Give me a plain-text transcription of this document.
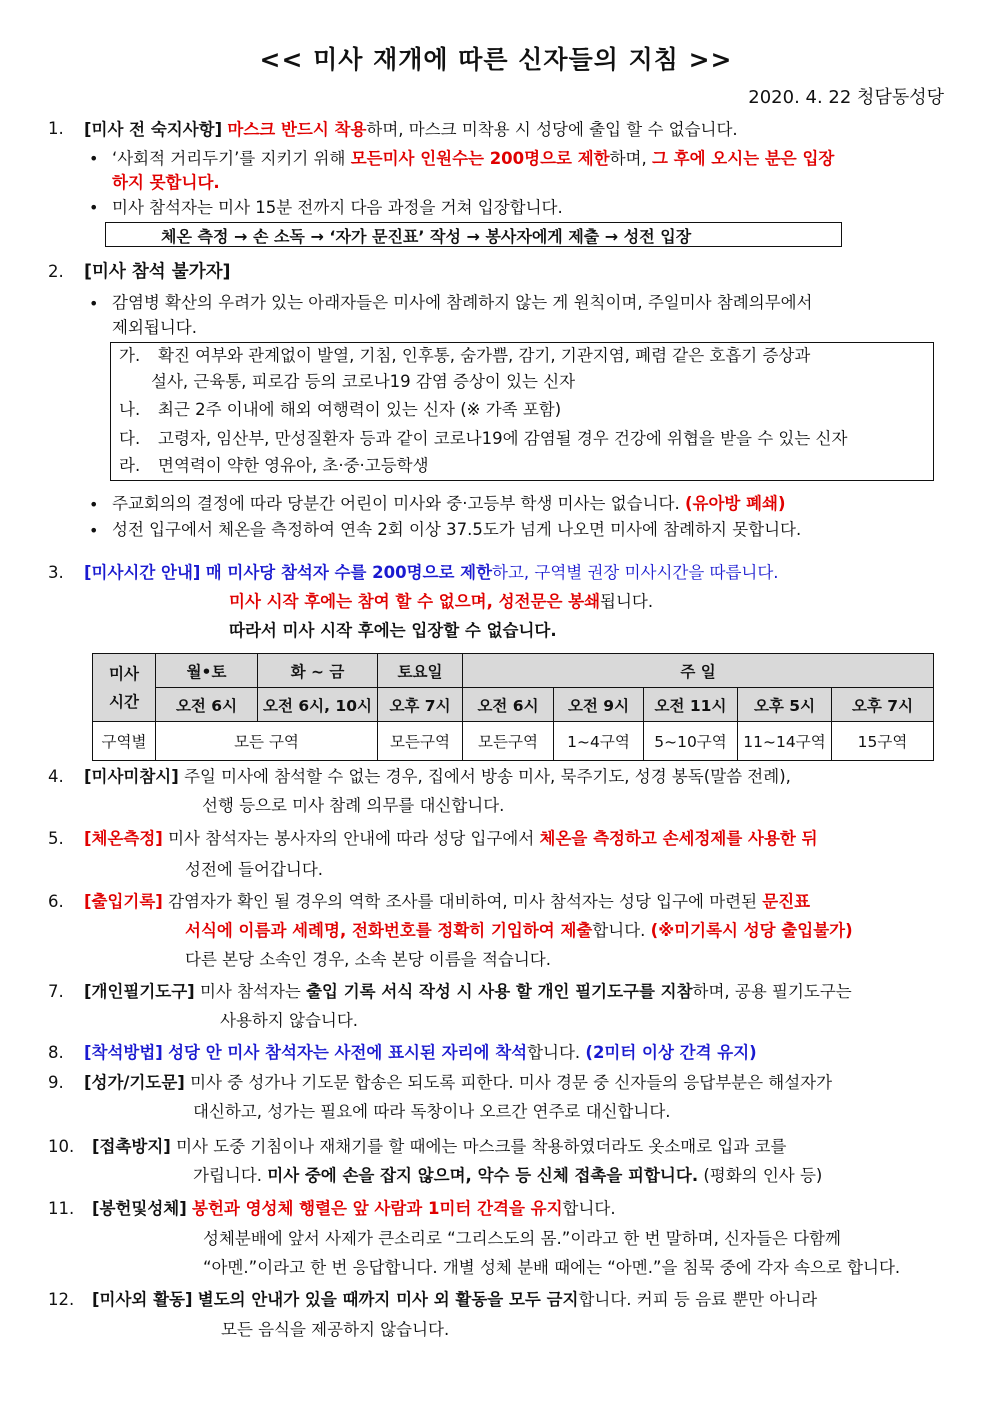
<< 미사 재개에 따른 신자들의 지침 >>
2020. 4. 22 청담동성당
1. [미사 전 숙지사항] 마스크 반드시 착용하며, 마스크 미착용 시 성당에 출입 할 수 없습니다.
• ‘사회적 거리두기’를 지키기 위해 모든미사 인원수는 200명으로 제한하며, 그 후에 오시는 분은 입장
하지 못합니다.
• 미사 참석자는 미사 15분 전까지 다음 과정을 거쳐 입장합니다.
체온 측정 → 손 소독 → ‘자가 문진표’ 작성 → 봉사자에게 제출 → 성전 입장
2. [미사 참석 불가자]
• 감염병 확산의 우려가 있는 아래자들은 미사에 참례하지 않는 게 원칙이며, 주일미사 참례의무에서
제외됩니다.
가. 확진 여부와 관계없이 발열, 기침, 인후통, 숨가쁨, 감기, 기관지염, 폐렴 같은 호흡기 증상과
설사, 근육통, 피로감 등의 코로나19 감염 증상이 있는 신자
나. 최근 2주 이내에 해외 여행력이 있는 신자 (※ 가족 포함)
다. 고령자, 임산부, 만성질환자 등과 같이 코로나19에 감염될 경우 건강에 위협을 받을 수 있는 신자
라. 면역력이 약한 영유아, 초·중·고등학생
• 주교회의의 결정에 따라 당분간 어린이 미사와 중·고등부 학생 미사는 없습니다. (유아방 폐쇄)
• 성전 입구에서 체온을 측정하여 연속 2회 이상 37.5도가 넘게 나오면 미사에 참례하지 못합니다.
3. [미사시간 안내] 매 미사당 참석자 수를 200명으로 제한하고, 구역별 권장 미사시간을 따릅니다.
미사 시작 후에는 참여 할 수 없으며, 성전문은 봉쇄됩니다.
따라서 미사 시작 후에는 입장할 수 없습니다.
미사
시간	월•토	화 ~ 금	토요일	주 일				
	오전 6시	오전 6시, 10시	오후 7시	오전 6시	오전 9시	오전 11시	오후 5시	오후 7시
구역별	모든 구역		모든구역	모든구역	1~4구역	5~10구역	11~14구역	15구역
4. [미사미참시] 주일 미사에 참석할 수 없는 경우, 집에서 방송 미사, 묵주기도, 성경 봉독(말씀 전례),
선행 등으로 미사 참례 의무를 대신합니다.
5. [체온측정] 미사 참석자는 봉사자의 안내에 따라 성당 입구에서 체온을 측정하고 손세정제를 사용한 뒤
성전에 들어갑니다.
6. [출입기록] 감염자가 확인 될 경우의 역학 조사를 대비하여, 미사 참석자는 성당 입구에 마련된 문진표
서식에 이름과 세례명, 전화번호를 정확히 기입하여 제출합니다. (※미기록시 성당 출입불가)
다른 본당 소속인 경우, 소속 본당 이름을 적습니다.
7. [개인필기도구] 미사 참석자는 출입 기록 서식 작성 시 사용 할 개인 필기도구를 지참하며, 공용 필기도구는
사용하지 않습니다.
8. [착석방법] 성당 안 미사 참석자는 사전에 표시된 자리에 착석합니다. (2미터 이상 간격 유지)
9. [성가/기도문] 미사 중 성가나 기도문 합송은 되도록 피한다. 미사 경문 중 신자들의 응답부분은 해설자가
대신하고, 성가는 필요에 따라 독창이나 오르간 연주로 대신합니다.
10. [접촉방지] 미사 도중 기침이나 재채기를 할 때에는 마스크를 착용하였더라도 옷소매로 입과 코를
가립니다. 미사 중에 손을 잡지 않으며, 악수 등 신체 접촉을 피합니다. (평화의 인사 등)
11. [봉헌및성체] 봉헌과 영성체 행렬은 앞 사람과 1미터 간격을 유지합니다.
성체분배에 앞서 사제가 큰소리로 “그리스도의 몸.”이라고 한 번 말하며, 신자들은 다함께
“아멘.”이라고 한 번 응답합니다. 개별 성체 분배 때에는 “아멘.”을 침묵 중에 각자 속으로 합니다.
12. [미사외 활동] 별도의 안내가 있을 때까지 미사 외 활동을 모두 금지합니다. 커피 등 음료 뿐만 아니라
모든 음식을 제공하지 않습니다.
